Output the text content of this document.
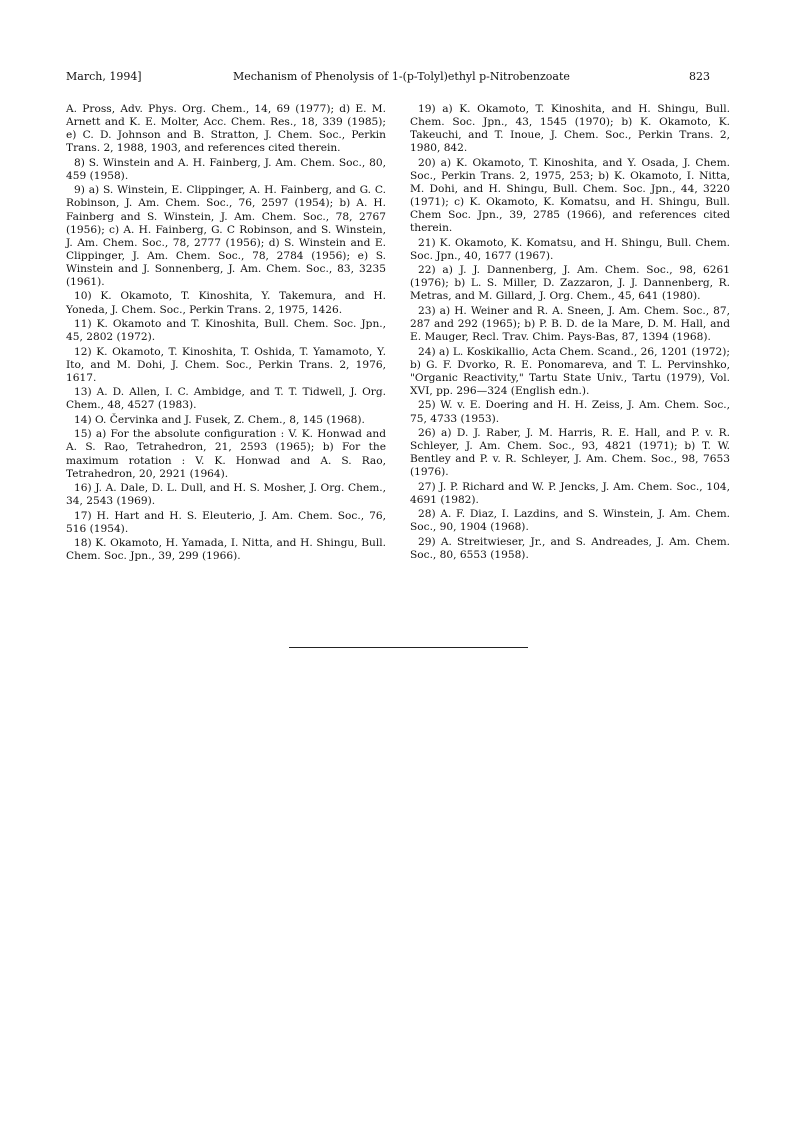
March, 1994]	Mechanism of Phenolysis of 1-(p-Tolyl)ethyl p-Nitrobenzoate	823

A. Pross, Adv. Phys. Org. Chem., 14, 69 (1977); d) E. M. Arnett and K. E. Molter, Acc. Chem. Res., 18, 339 (1985); e) C. D. Johnson and B. Stratton, J. Chem. Soc., Perkin Trans. 2, 1988, 1903, and references cited therein.

8) S. Winstein and A. H. Fainberg, J. Am. Chem. Soc., 80, 459 (1958).

9) a) S. Winstein, E. Clippinger, A. H. Fainberg, and G. C. Robinson, J. Am. Chem. Soc., 76, 2597 (1954); b) A. H. Fainberg and S. Winstein, J. Am. Chem. Soc., 78, 2767 (1956); c) A. H. Fainberg, G. C Robinson, and S. Winstein, J. Am. Chem. Soc., 78, 2777 (1956); d) S. Winstein and E. Clippinger, J. Am. Chem. Soc., 78, 2784 (1956); e) S. Winstein and J. Sonnenberg, J. Am. Chem. Soc., 83, 3235 (1961).

10) K. Okamoto, T. Kinoshita, Y. Takemura, and H. Yoneda, J. Chem. Soc., Perkin Trans. 2, 1975, 1426.

11) K. Okamoto and T. Kinoshita, Bull. Chem. Soc. Jpn., 45, 2802 (1972).

12) K. Okamoto, T. Kinoshita, T. Oshida, T. Yamamoto, Y. Ito, and M. Dohi, J. Chem. Soc., Perkin Trans. 2, 1976, 1617.

13) A. D. Allen, I. C. Ambidge, and T. T. Tidwell, J. Org. Chem., 48, 4527 (1983).

14) O. Červinka and J. Fusek, Z. Chem., 8, 145 (1968).

15) a) For the absolute configuration : V. K. Honwad and A. S. Rao, Tetrahedron, 21, 2593 (1965); b) For the maximum rotation : V. K. Honwad and A. S. Rao, Tetrahedron, 20, 2921 (1964).

16) J. A. Dale, D. L. Dull, and H. S. Mosher, J. Org. Chem., 34, 2543 (1969).

17) H. Hart and H. S. Eleuterio, J. Am. Chem. Soc., 76, 516 (1954).

18) K. Okamoto, H. Yamada, I. Nitta, and H. Shingu, Bull. Chem. Soc. Jpn., 39, 299 (1966).

19) a) K. Okamoto, T. Kinoshita, and H. Shingu, Bull. Chem. Soc. Jpn., 43, 1545 (1970); b) K. Okamoto, K. Takeuchi, and T. Inoue, J. Chem. Soc., Perkin Trans. 2, 1980, 842.

20) a) K. Okamoto, T. Kinoshita, and Y. Osada, J. Chem. Soc., Perkin Trans. 2, 1975, 253; b) K. Okamoto, I. Nitta, M. Dohi, and H. Shingu, Bull. Chem. Soc. Jpn., 44, 3220 (1971); c) K. Okamoto, K. Komatsu, and H. Shingu, Bull. Chem Soc. Jpn., 39, 2785 (1966), and references cited therein.

21) K. Okamoto, K. Komatsu, and H. Shingu, Bull. Chem. Soc. Jpn., 40, 1677 (1967).

22) a) J. J. Dannenberg, J. Am. Chem. Soc., 98, 6261 (1976); b) L. S. Miller, D. Zazzaron, J. J. Dannenberg, R. Metras, and M. Gillard, J. Org. Chem., 45, 641 (1980).

23) a) H. Weiner and R. A. Sneen, J. Am. Chem. Soc., 87, 287 and 292 (1965); b) P. B. D. de la Mare, D. M. Hall, and E. Mauger, Recl. Trav. Chim. Pays-Bas, 87, 1394 (1968).

24) a) L. Koskikallio, Acta Chem. Scand., 26, 1201 (1972); b) G. F. Dvorko, R. E. Ponomareva, and T. L. Pervinshko, "Organic Reactivity," Tartu State Univ., Tartu (1979), Vol. XVI, pp. 296—324 (English edn.).

25) W. v. E. Doering and H. H. Zeiss, J. Am. Chem. Soc., 75, 4733 (1953).

26) a) D. J. Raber, J. M. Harris, R. E. Hall, and P. v. R. Schleyer, J. Am. Chem. Soc., 93, 4821 (1971); b) T. W. Bentley and P. v. R. Schleyer, J. Am. Chem. Soc., 98, 7653 (1976).

27) J. P. Richard and W. P. Jencks, J. Am. Chem. Soc., 104, 4691 (1982).

28) A. F. Diaz, I. Lazdins, and S. Winstein, J. Am. Chem. Soc., 90, 1904 (1968).

29) A. Streitwieser, Jr., and S. Andreades, J. Am. Chem. Soc., 80, 6553 (1958).
